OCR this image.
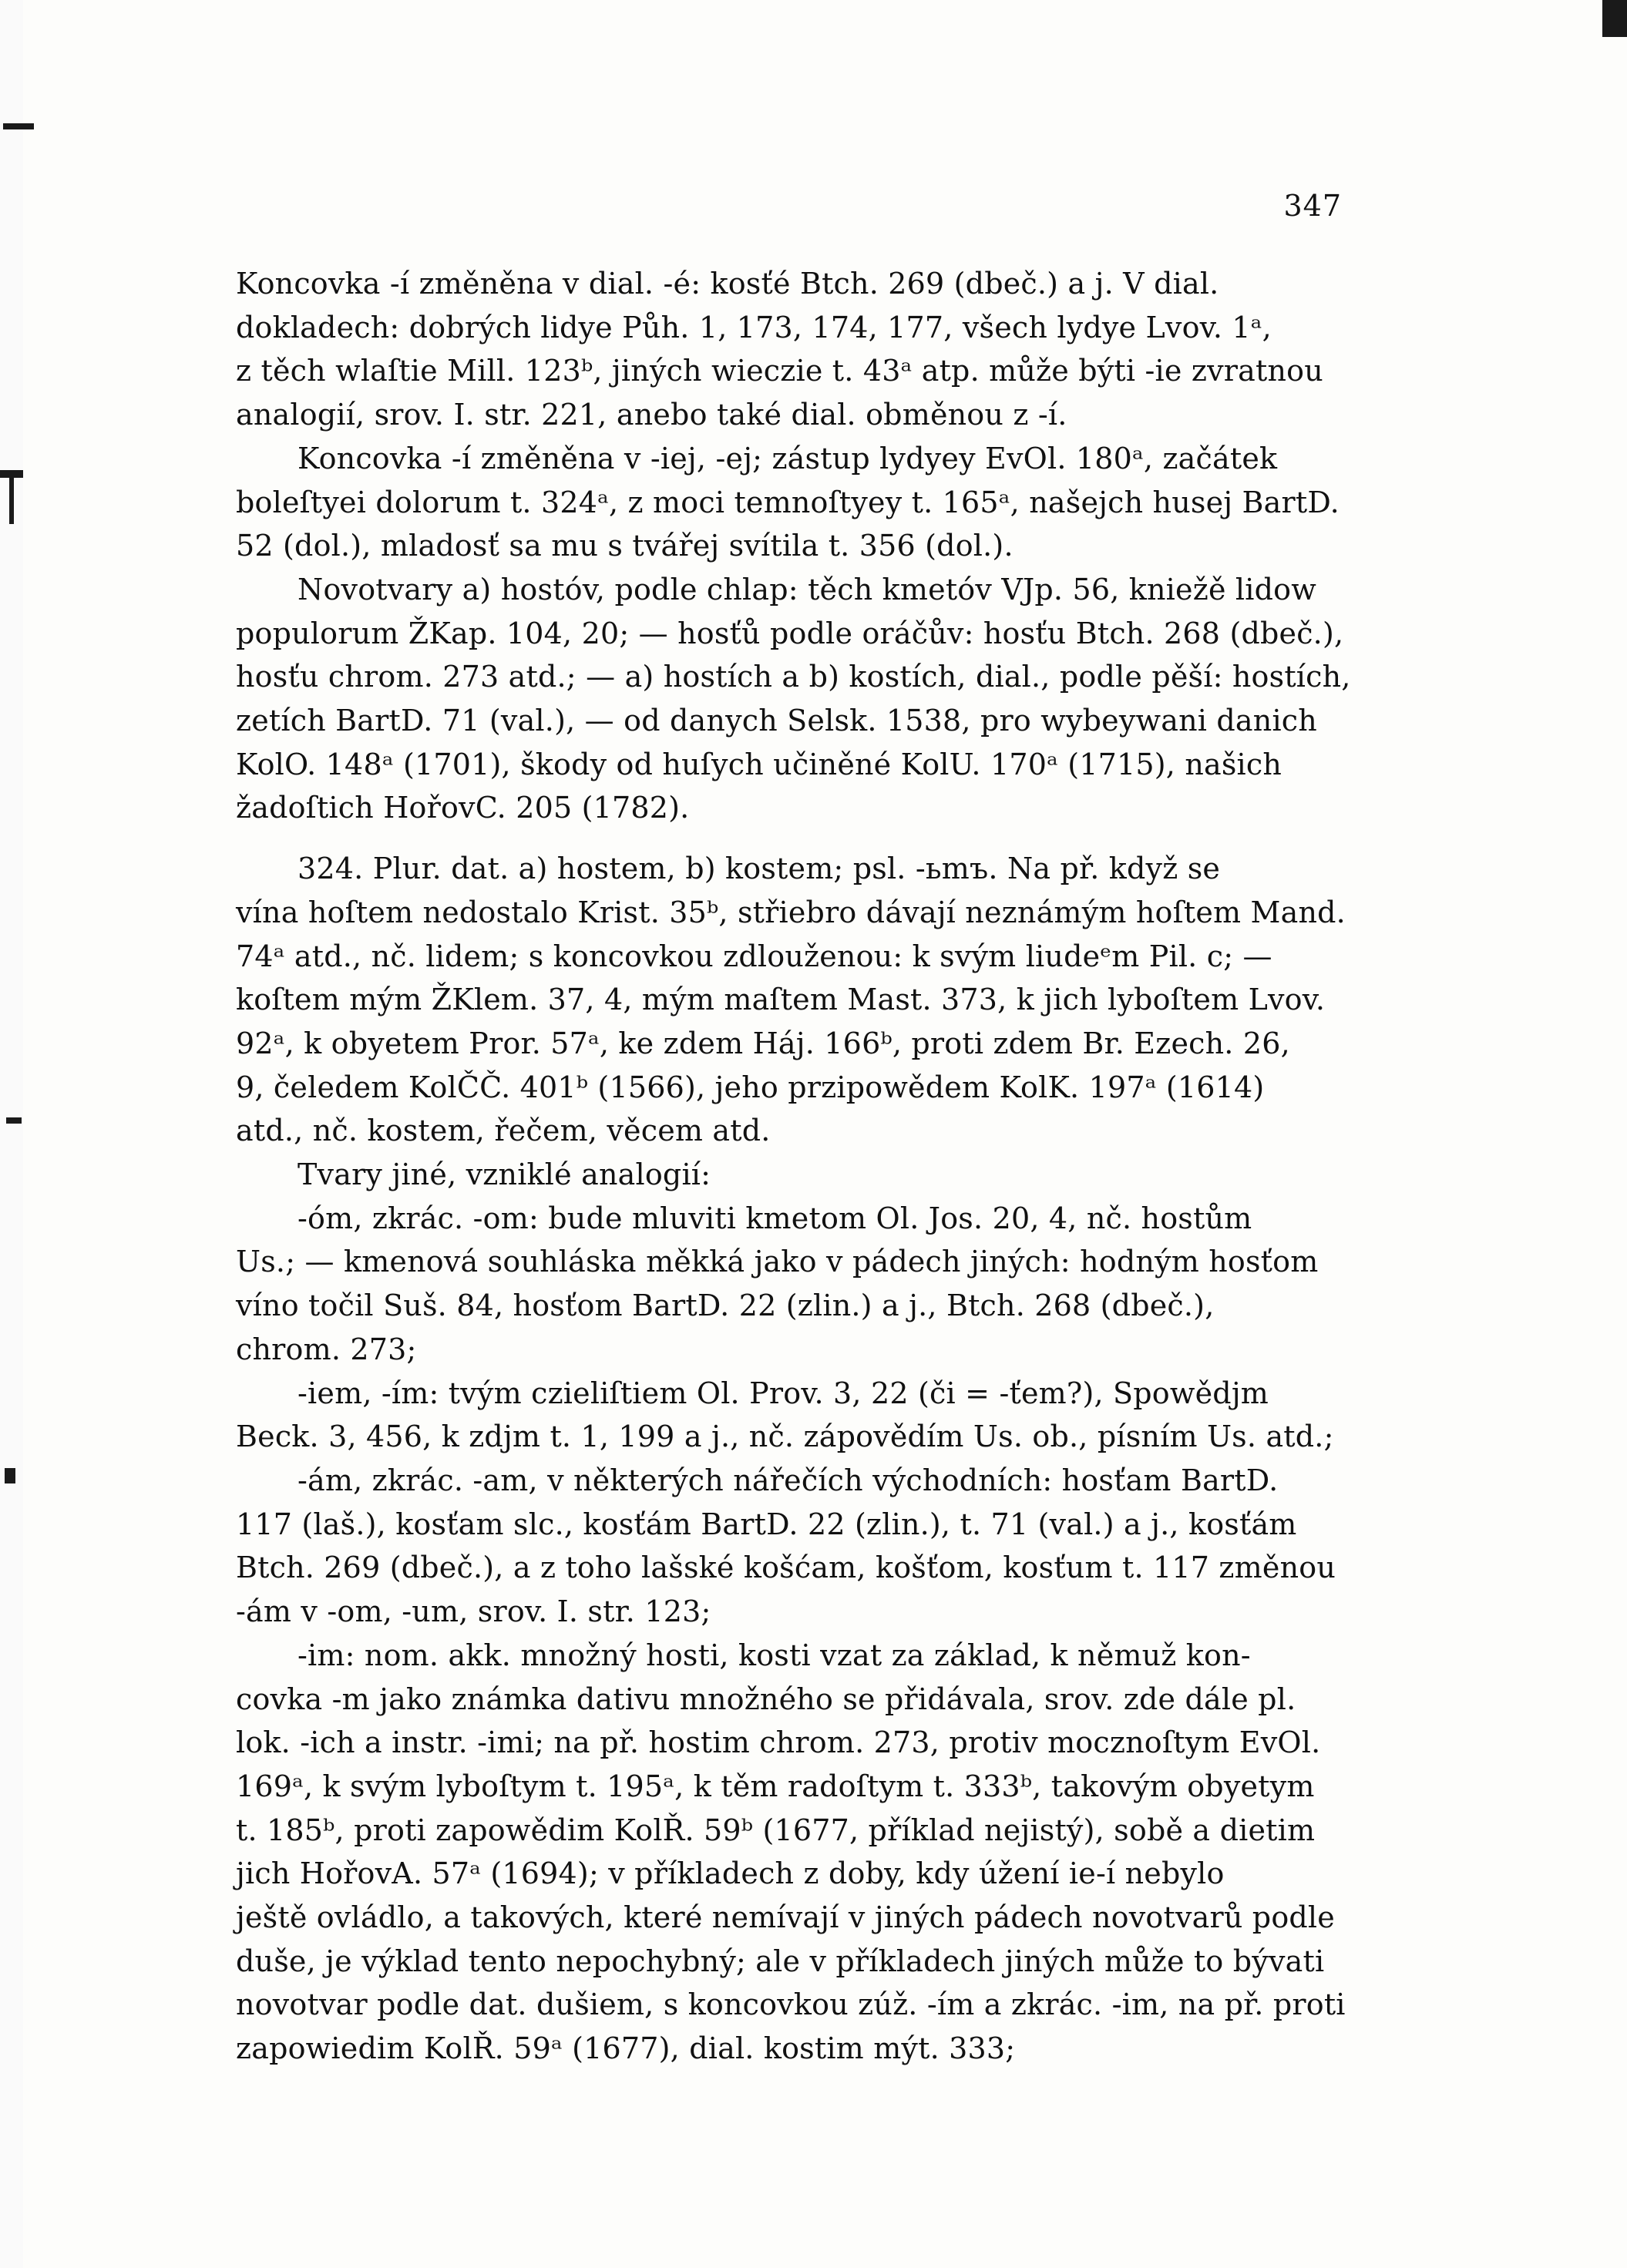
347

Koncovka -í změněna v dial. -é: kosťé Btch. 269 (dbeč.) a j. V dial.

dokladech: dobrých lidye Půh. 1, 173, 174, 177, všech lydye Lvov. 1ᵃ,

z těch wlaſtie Mill. 123ᵇ, jiných wieczie t. 43ᵃ atp. může býti -ie zvratnou

analogií, srov. I. str. 221, anebo také dial. obměnou z -í.

Koncovka -í změněna v -iej, -ej; zástup lydyey EvOl. 180ᵃ, začátek

boleſtyei dolorum t. 324ᵃ, z moci temnoſtyey t. 165ᵃ, našejch husej BartD.

52 (dol.), mladosť sa mu s tvářej svítila t. 356 (dol.).

Novotvary a) hostóv, podle chlap: těch kmetóv VJp. 56, kniežě lidow

populorum ŽKap. 104, 20; — hosťů podle oráčův: hosťu Btch. 268 (dbeč.),

hosťu chrom. 273 atd.; — a) hostích a b) kostích, dial., podle pěší: hostích,

zetích BartD. 71 (val.), — od danych Selsk. 1538, pro wybeywani danich

KolO. 148ᵃ (1701), škody od huſych učiněné KolU. 170ᵃ (1715), našich

žadoſtich HořovC. 205 (1782).

324. Plur. dat. a) hostem, b) kostem; psl. -ьmъ. Na př. když se

vína hoſtem nedostalo Krist. 35ᵇ, střiebro dávají neznámým hoſtem Mand.

74ᵃ atd., nč. lidem; s koncovkou zdlouženou: k svým liudeᵉm Pil. c; —

koſtem mým ŽKlem. 37, 4, mým maſtem Mast. 373, k jich lyboſtem Lvov.

92ᵃ, k obyetem Pror. 57ᵃ, ke zdem Háj. 166ᵇ, proti zdem Br. Ezech. 26,

9, čeledem KolČČ. 401ᵇ (1566), jeho przipowědem KolK. 197ᵃ (1614)

atd., nč. kostem, řečem, věcem atd.

Tvary jiné, vzniklé analogií:

-óm, zkrác. -om: bude mluviti kmetom Ol. Jos. 20, 4, nč. hostům

Us.; — kmenová souhláska měkká jako v pádech jiných: hodným hosťom

víno točil Suš. 84, hosťom BartD. 22 (zlin.) a j., Btch. 268 (dbeč.),

chrom. 273;

-iem, -ím: tvým czieliſtiem Ol. Prov. 3, 22 (či = -ťem?), Spowědjm

Beck. 3, 456, k zdjm t. 1, 199 a j., nč. zápovědím Us. ob., písním Us. atd.;

-ám, zkrác. -am, v některých nářečích východních: hosťam BartD.

117 (laš.), kosťam slc., kosťám BartD. 22 (zlin.), t. 71 (val.) a j., kosťám

Btch. 269 (dbeč.), a z toho lašské košćam, košťom, kosťum t. 117 změnou

-ám v -om, -um, srov. I. str. 123;

-im: nom. akk. množný hosti, kosti vzat za základ, k němuž kon-

covka -m jako známka dativu množného se přidávala, srov. zde dále pl.

lok. -ich a instr. -imi; na př. hostim chrom. 273, protiv mocznoſtym EvOl.

169ᵃ, k svým lyboſtym t. 195ᵃ, k těm radoſtym t. 333ᵇ, takovým obyetym

t. 185ᵇ, proti zapowědim KolŘ. 59ᵇ (1677, příklad nejistý), sobě a dietim

jich HořovA. 57ᵃ (1694); v příkladech z doby, kdy úžení ie-í nebylo

ještě ovládlo, a takových, které nemívají v jiných pádech novotvarů podle

duše, je výklad tento nepochybný; ale v příkladech jiných může to bývati

novotvar podle dat. dušiem, s koncovkou zúž. -ím a zkrác. -im, na př. proti

zapowiedim KolŘ. 59ᵃ (1677), dial. kostim mýt. 333;
